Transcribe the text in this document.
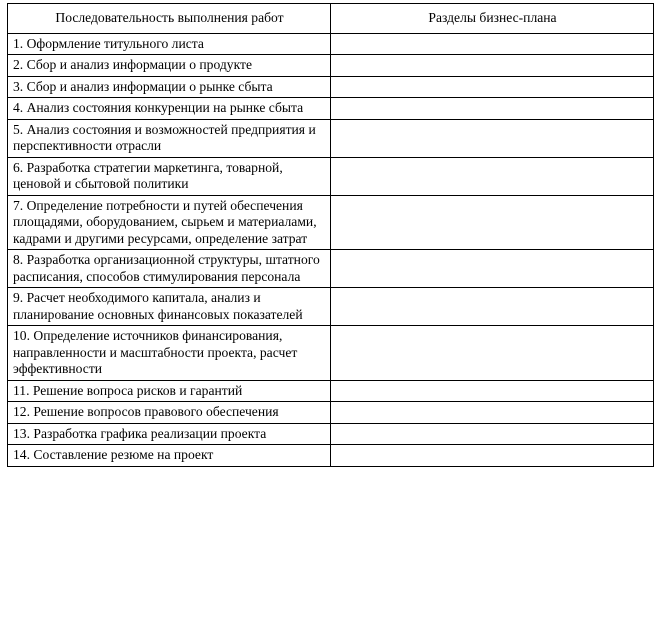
Последовательность выполнения работ	Разделы бизнес-плана
1. Оформление титульного листа	
2. Сбор и анализ информации о продукте	
3. Сбор и анализ информации о рынке сбыта	
4. Анализ состояния конкуренции на рынке сбыта	
5. Анализ состояния и возможностей предприятия и перспективности отрасли	
6. Разработка стратегии маркетинга, товарной, ценовой и сбытовой политики	
7. Определение потребности и путей обеспечения площадями, оборудованием, сырьем и материалами, кадрами и другими ресурсами, определение затрат	
8. Разработка организационной структуры, штатного расписания, способов стимулирования персонала	
9. Расчет необходимого капитала, анализ и планирование основных финансовых показателей	
10. Определение источников финансирования, направленности и масштабности проекта, расчет эффективности	
11. Решение вопроса рисков и гарантий	
12. Решение вопросов правового обеспечения	
13. Разработка графика реализации проекта	
14. Составление резюме на проект	
